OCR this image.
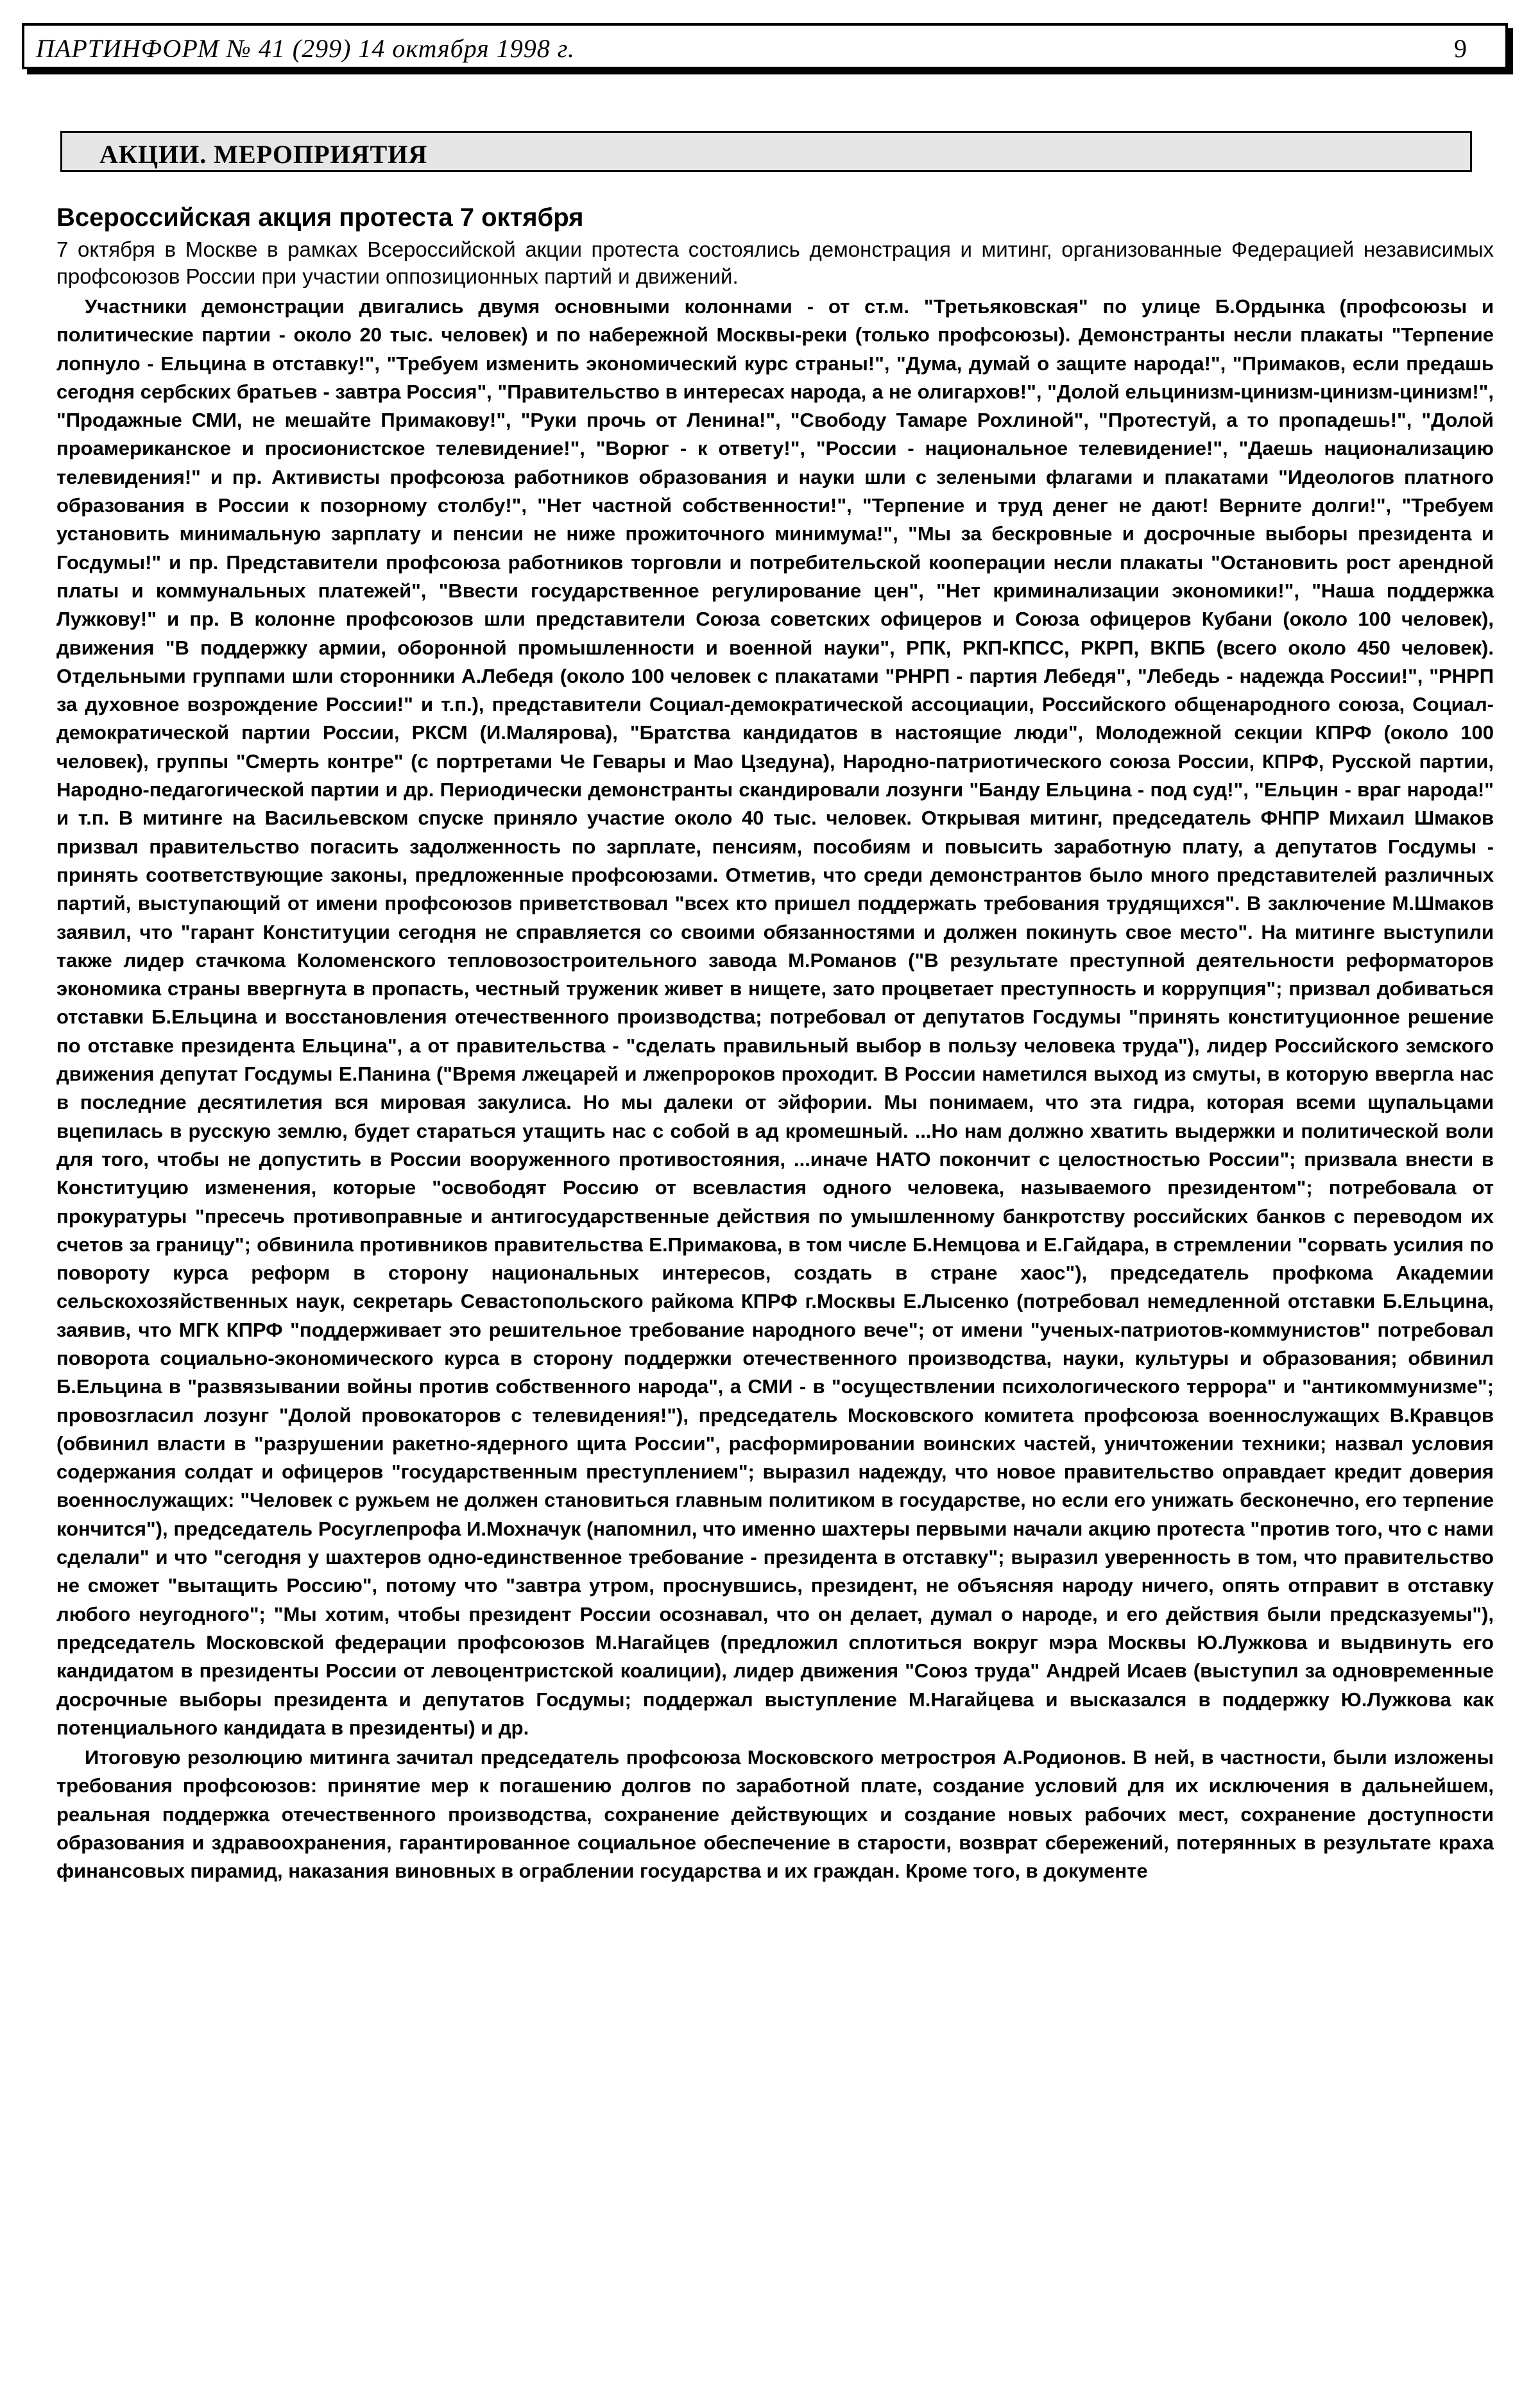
ПАРТИНФОРМ № 41 (299) 14 октября 1998 г.	9
АКЦИИ. МЕРОПРИЯТИЯ
Всероссийская акция протеста 7 октября

7 октября в Москве в рамках Всероссийской акции протеста состоялись демонстрация и митинг, организованные Федерацией независимых профсоюзов России при участии оппозиционных партий и движений.

Участники демонстрации двигались двумя основными колоннами - от ст.м. "Третьяковская" по улице Б.Ордынка (профсоюзы и политические партии - около 20 тыс. человек) и по набережной Москвы-реки (только профсоюзы). Демонстранты несли плакаты "Терпение лопнуло - Ельцина в отставку!", "Требуем изменить экономический курс страны!", "Дума, думай о защите народа!", "Примаков, если предашь сегодня сербских братьев - завтра Россия", "Правительство в интересах народа, а не олигархов!", "Долой ельцинизм-цинизм-цинизм-цинизм!", "Продажные СМИ, не мешайте Примакову!", "Руки прочь от Ленина!", "Свободу Тамаре Рохлиной", "Протестуй, а то пропадешь!", "Долой проамериканское и просионистское телевидение!", "Ворюг - к ответу!", "России - национальное телевидение!", "Даешь национализацию телевидения!" и пр. Активисты профсоюза работников образования и науки шли с зелеными флагами и плакатами "Идеологов платного образования в России к позорному столбу!", "Нет частной собственности!", "Терпение и труд денег не дают! Верните долги!", "Требуем установить минимальную зарплату и пенсии не ниже прожиточного минимума!", "Мы за бескровные и досрочные выборы президента и Госдумы!" и пр. Представители профсоюза работников торговли и потребительской кооперации несли плакаты "Остановить рост арендной платы и коммунальных платежей", "Ввести государственное регулирование цен", "Нет криминализации экономики!", "Наша поддержка Лужкову!" и пр. В колонне профсоюзов шли представители Союза советских офицеров и Союза офицеров Кубани (около 100 человек), движения "В поддержку армии, оборонной промышленности и военной науки", РПК, РКП-КПСС, РКРП, ВКПБ (всего около 450 человек). Отдельными группами шли сторонники А.Лебедя (около 100 человек с плакатами "РНРП - партия Лебедя", "Лебедь - надежда России!", "РНРП за духовное возрождение России!" и т.п.), представители Социал-демократической ассоциации, Российского общенародного союза, Социал-демократической партии России, РКСМ (И.Малярова), "Братства кандидатов в настоящие люди", Молодежной секции КПРФ (около 100 человек), группы "Смерть контре" (с портретами Че Гевары и Мао Цзедуна), Народно-патриотического союза России, КПРФ, Русской партии, Народно-педагогической партии и др. Периодически демонстранты скандировали лозунги "Банду Ельцина - под суд!", "Ельцин - враг народа!" и т.п. В митинге на Васильевском спуске приняло участие около 40 тыс. человек. Открывая митинг, председатель ФНПР Михаил Шмаков призвал правительство погасить задолженность по зарплате, пенсиям, пособиям и повысить заработную плату, а депутатов Госдумы - принять соответствующие законы, предложенные профсоюзами. Отметив, что среди демонстрантов было много представителей различных партий, выступающий от имени профсоюзов приветствовал "всех кто пришел поддержать требования трудящихся". В заключение М.Шмаков заявил, что "гарант Конституции сегодня не справляется со своими обязанностями и должен покинуть свое место". На митинге выступили также лидер стачкома Коломенского тепловозостроительного завода М.Романов ("В результате преступной деятельности реформаторов экономика страны ввергнута в пропасть, честный труженик живет в нищете, зато процветает преступность и коррупция"; призвал добиваться отставки Б.Ельцина и восстановления отечественного производства; потребовал от депутатов Госдумы "принять конституционное решение по отставке президента Ельцина", а от правительства - "сделать правильный выбор в пользу человека труда"), лидер Российского земского движения депутат Госдумы Е.Панина ("Время лжецарей и лжепророков проходит. В России наметился выход из смуты, в которую ввергла нас в последние десятилетия вся мировая закулиса. Но мы далеки от эйфории. Мы понимаем, что эта гидра, которая всеми щупальцами вцепилась в русскую землю, будет стараться утащить нас с собой в ад кромешный. ...Но нам должно хватить выдержки и политической воли для того, чтобы не допустить в России вооруженного противостояния, ...иначе НАТО покончит с целостностью России"; призвала внести в Конституцию изменения, которые "освободят Россию от всевластия одного человека, называемого президентом"; потребовала от прокуратуры "пресечь противоправные и антигосударственные действия по умышленному банкротству российских банков с переводом их счетов за границу"; обвинила противников правительства Е.Примакова, в том числе Б.Немцова и Е.Гайдара, в стремлении "сорвать усилия по повороту курса реформ в сторону национальных интересов, создать в стране хаос"), председатель профкома Академии сельскохозяйственных наук, секретарь Севастопольского райкома КПРФ г.Москвы Е.Лысенко (потребовал немедленной отставки Б.Ельцина, заявив, что МГК КПРФ "поддерживает это решительное требование народного вече"; от имени "ученых-патриотов-коммунистов" потребовал поворота социально-экономического курса в сторону поддержки отечественного производства, науки, культуры и образования; обвинил Б.Ельцина в "развязывании войны против собственного народа", а СМИ - в "осуществлении психологического террора" и "антикоммунизме"; провозгласил лозунг "Долой провокаторов с телевидения!"), председатель Московского комитета профсоюза военнослужащих В.Кравцов (обвинил власти в "разрушении ракетно-ядерного щита России", расформировании воинских частей, уничтожении техники; назвал условия содержания солдат и офицеров "государственным преступлением"; выразил надежду, что новое правительство оправдает кредит доверия военнослужащих: "Человек с ружьем не должен становиться главным политиком в государстве, но если его унижать бесконечно, его терпение кончится"), председатель Росуглепрофа И.Мохначук (напомнил, что именно шахтеры первыми начали акцию протеста "против того, что с нами сделали" и что "сегодня у шахтеров одно-единственное требование - президента в отставку"; выразил уверенность в том, что правительство не сможет "вытащить Россию", потому что "завтра утром, проснувшись, президент, не объясняя народу ничего, опять отправит в отставку любого неугодного"; "Мы хотим, чтобы президент России осознавал, что он делает, думал о народе, и его действия были предсказуемы"), председатель Московской федерации профсоюзов М.Нагайцев (предложил сплотиться вокруг мэра Москвы Ю.Лужкова и выдвинуть его кандидатом в президенты России от левоцентристской коалиции), лидер движения "Союз труда" Андрей Исаев (выступил за одновременные досрочные выборы президента и депутатов Госдумы; поддержал выступление М.Нагайцева и высказался в поддержку Ю.Лужкова как потенциального кандидата в президенты) и др.

Итоговую резолюцию митинга зачитал председатель профсоюза Московского метростроя А.Родионов. В ней, в частности, были изложены требования профсоюзов: принятие мер к погашению долгов по заработной плате, создание условий для их исключения в дальнейшем, реальная поддержка отечественного производства, сохранение действующих и создание новых рабочих мест, сохранение доступности образования и здравоохранения, гарантированное социальное обеспечение в старости, возврат сбережений, потерянных в результате краха финансовых пирамид, наказания виновных в ограблении государства и их граждан. Кроме того, в документе
